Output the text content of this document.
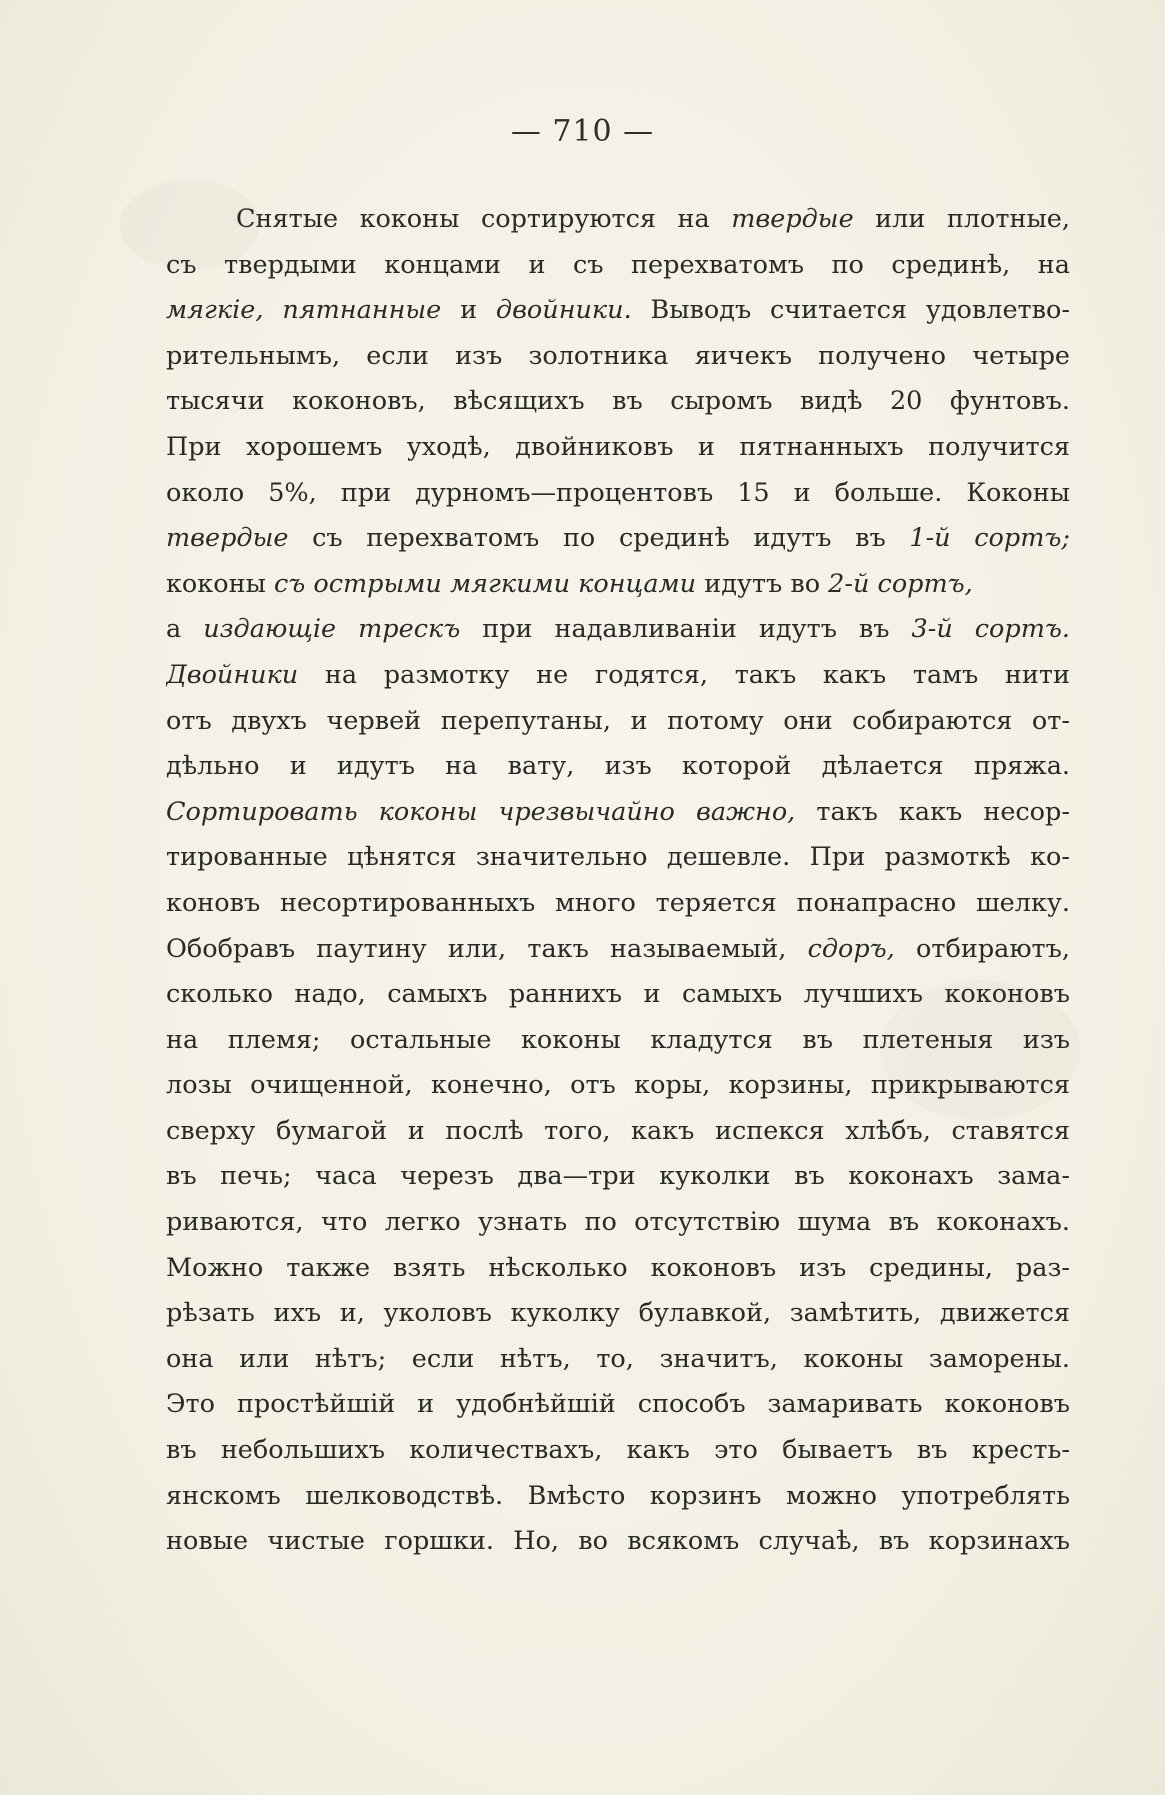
— 710 —
Снятые коконы сортируются на твердые или плотные,
съ твердыми концами и съ перехватомъ по срединѣ, на
мягкіе, пятнанные и двойники. Выводъ считается удовлетво-
рительнымъ, если изъ золотника яичекъ получено четыре
тысячи коконовъ, вѣсящихъ въ сыромъ видѣ 20 фунтовъ.
При хорошемъ уходѣ, двойниковъ и пятнанныхъ получится
около 5%, при дурномъ—процентовъ 15 и больше. Коконы
твердые съ перехватомъ по срединѣ идутъ въ 1-й сортъ;
коконы съ острыми мягкими концами идутъ во 2-й сортъ,
а издающіе трескъ при надавливаніи идутъ въ 3-й сортъ.
Двойники на размотку не годятся, такъ какъ тамъ нити
отъ двухъ червей перепутаны, и потому они собираются от-
дѣльно и идутъ на вату, изъ которой дѣлается пряжа.
Сортировать коконы чрезвычайно важно, такъ какъ несор-
тированные цѣнятся значительно дешевле. При размоткѣ ко-
коновъ несортированныхъ много теряется понапрасно шелку.
Обобравъ паутину или, такъ называемый, сдоръ, отбираютъ,
сколько надо, самыхъ раннихъ и самыхъ лучшихъ коконовъ
на племя; остальные коконы кладутся въ плетеныя изъ
лозы очищенной, конечно, отъ коры, корзины, прикрываются
сверху бумагой и послѣ того, какъ испекся хлѣбъ, ставятся
въ печь; часа черезъ два—три куколки въ коконахъ зама-
риваются, что легко узнать по отсутствію шума въ коконахъ.
Можно также взять нѣсколько коконовъ изъ средины, раз-
рѣзать ихъ и, уколовъ куколку булавкой, замѣтить, движется
она или нѣтъ; если нѣтъ, то, значитъ, коконы заморены.
Это простѣйшій и удобнѣйшій способъ замаривать коконовъ
въ небольшихъ количествахъ, какъ это бываетъ въ кресть-
янскомъ шелководствѣ. Вмѣсто корзинъ можно употреблять
новые чистые горшки. Но, во всякомъ случаѣ, въ корзинахъ
